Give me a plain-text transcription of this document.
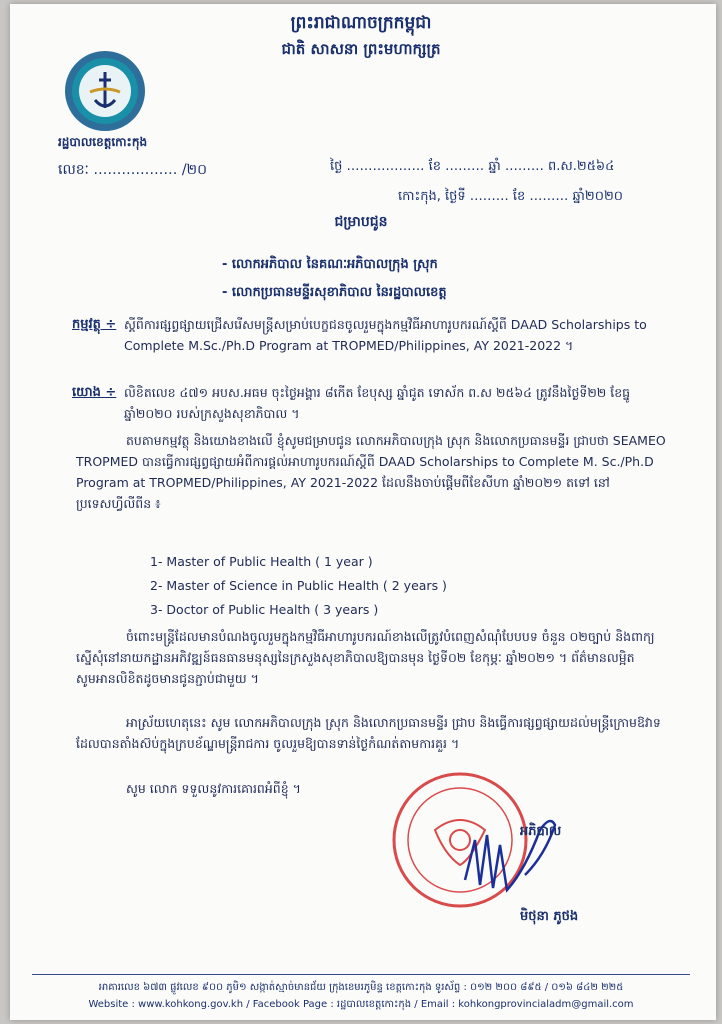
ព្រះរាជាណាចក្រកម្ពុជា
ជាតិ សាសនា ព្រះមហាក្សត្រ
រដ្ឋបាលខេត្តកោះកុង
លេខៈ ……………… /២០	ថ្ងៃ ……………… ខែ ……… ឆ្នាំ ……… ព.ស.២៥៦៤
កោះកុង, ថ្ងៃទី ……… ខែ ……… ឆ្នាំ២០២០
ជម្រាបជូន
- លោកអភិបាល នៃគណៈអភិបាលក្រុង ស្រុក
- លោកប្រធានមន្ទីរសុខាភិបាល នៃរដ្ឋបាលខេត្ត
កម្មវត្ថុ ÷ ស្តីពីការផ្សព្វផ្សាយជ្រើសរើសមន្ត្រីសម្រាប់បេក្ខជនចូលរួមក្នុងកម្មវិធីអាហារូបករណ៍ស្តីពី DAAD Scholarships to Complete M.Sc./Ph.D Program at TROPMED/Philippines, AY 2021-2022 ។
យោង ÷ លិខិតលេខ ៤៧១ អបស.អធម ចុះថ្ងៃអង្គារ ៨កើត ខែបុស្ស ឆ្នាំជូត ទោស័ក ព.ស ២៥៦៤ ត្រូវនឹងថ្ងៃទី២២ ខែធ្នូ ឆ្នាំ២០២០ របស់ក្រសួងសុខាភិបាល ។
តបតាមកម្មវត្ថុ និងយោងខាងលើ ខ្ញុំសូមជម្រាបជូន លោកអភិបាលក្រុង ស្រុក និងលោកប្រធានមន្ទីរ ជ្រាបថា SEAMEO TROPMED បានធ្វើការផ្សព្វផ្សាយអំពីការផ្តល់អាហារូបករណ៍ស្តីពី DAAD Scholarships to Complete M. Sc./Ph.D Program at TROPMED/Philippines, AY 2021-2022 ដែលនឹងចាប់ផ្តើមពីខែសីហា ឆ្នាំ២០២១ តទៅ នៅប្រទេសហ្វីលីពីន ៖
1- Master of Public Health ( 1 year )
2- Master of Science in Public Health ( 2 years )
3- Doctor of Public Health ( 3 years )
ចំពោះមន្ត្រីដែលមានបំណងចូលរួមក្នុងកម្មវិធីអាហារូបករណ៍ខាងលើត្រូវបំពេញសំណុំបែបបទ ចំនួន ០២ច្បាប់ និងពាក្យស្នើសុំនៅនាយកដ្ឋានអភិវឌ្ឍន៍ធនធានមនុស្សនៃក្រសួងសុខាភិបាលឱ្យបានមុន ថ្ងៃទី០២ ខែកុម្ភៈ ឆ្នាំ២០២១ ។ ព័ត៌មានលម្អិតសូមអានលិខិតដូចមានជូនភ្ជាប់ជាមួយ ។
អាស្រ័យហេតុនេះ សូម លោកអភិបាលក្រុង ស្រុក និងលោកប្រធានមន្ទីរ ជ្រាប និងធ្វើការផ្សព្វផ្សាយដល់មន្ត្រីក្រោមឱវាទ ដែលបានតាំងស៊ប់ក្នុងក្របខ័ណ្ឌមន្ត្រីរាជការ ចូលរួមឱ្យបានទាន់ថ្ងៃកំណត់តាមការគួរ ។
សូម លោក ទទួលនូវការគោរពអំពីខ្ញុំ ។
អភិបាល
មិថុនា ភូថង
អាគារលេខ ៦៧៣ ផ្លូវលេខ ៩០០ ភូមិ១ សង្កាត់ស្មាច់មានជ័យ ក្រុងខេមរភូមិន្ទ ខេត្តកោះកុង ទូរស័ព្ទ : ០១២ ២០០ ៨៩៥ / ០១៦ ៨៤២ ២២៥
Website : www.kohkong.gov.kh / Facebook Page : រដ្ឋបាលខេត្តកោះកុង / Email : kohkongprovincialadm@gmail.com
